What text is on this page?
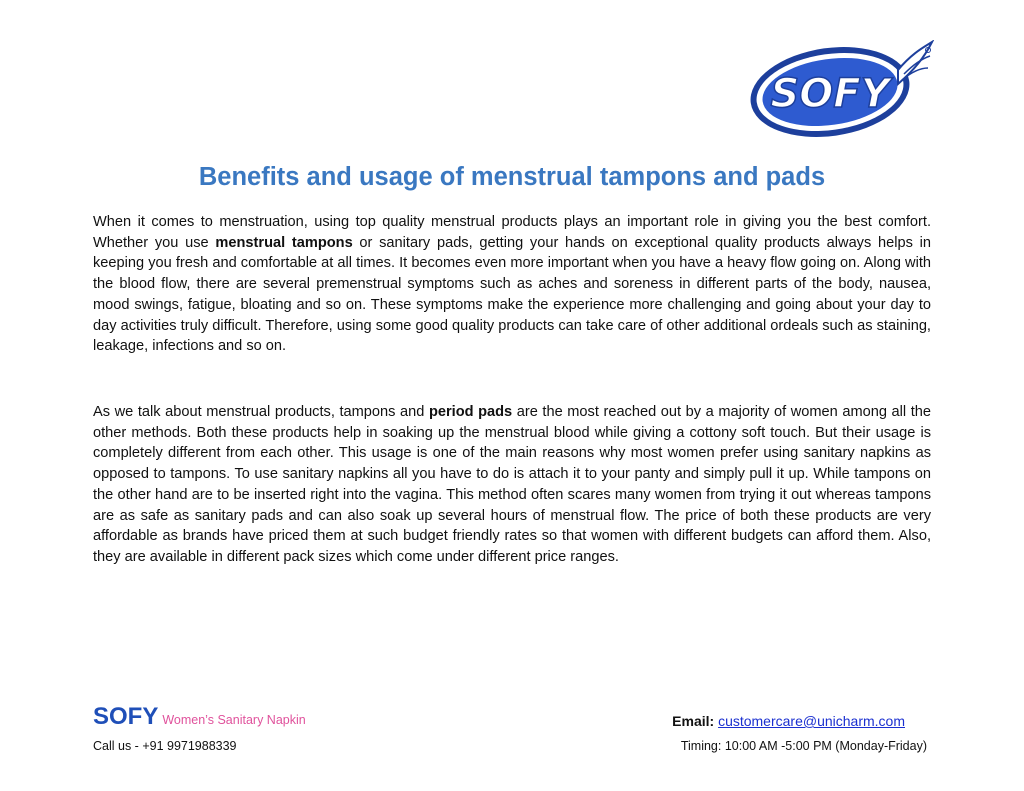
SOFY
Benefits and usage of menstrual tampons and pads

When it comes to menstruation, using top quality menstrual products plays an important role in giving you the best comfort. Whether you use menstrual tampons or sanitary pads, getting your hands on exceptional quality products always helps in keeping you fresh and comfortable at all times. It becomes even more important when you have a heavy flow going on. Along with the blood flow, there are several premenstrual symptoms such as aches and soreness in different parts of the body, nausea, mood swings, fatigue, bloating and so on. These symptoms make the experience more challenging and going about your day to day activities truly difficult. Therefore, using some good quality products can take care of other additional ordeals such as staining, leakage, infections and so on.

As we talk about menstrual products, tampons and period pads are the most reached out by a majority of women among all the other methods. Both these products help in soaking up the menstrual blood while giving a cottony soft touch. But their usage is completely different from each other. This usage is one of the main reasons why most women prefer using sanitary napkins as opposed to tampons. To use sanitary napkins all you have to do is attach it to your panty and simply pull it up. While tampons on the other hand are to be inserted right into the vagina. This method often scares many women from trying it out whereas tampons are as safe as sanitary pads and can also soak up several hours of menstrual flow. The price of both these products are very affordable as brands have priced them at such budget friendly rates so that women with different budgets can afford them. Also, they are available in different pack sizes which come under different price ranges.

SOFY Women’s Sanitary Napkin
Call us - +91 9971988339
Email: customercare@unicharm.com
Timing: 10:00 AM -5:00 PM (Monday-Friday)
